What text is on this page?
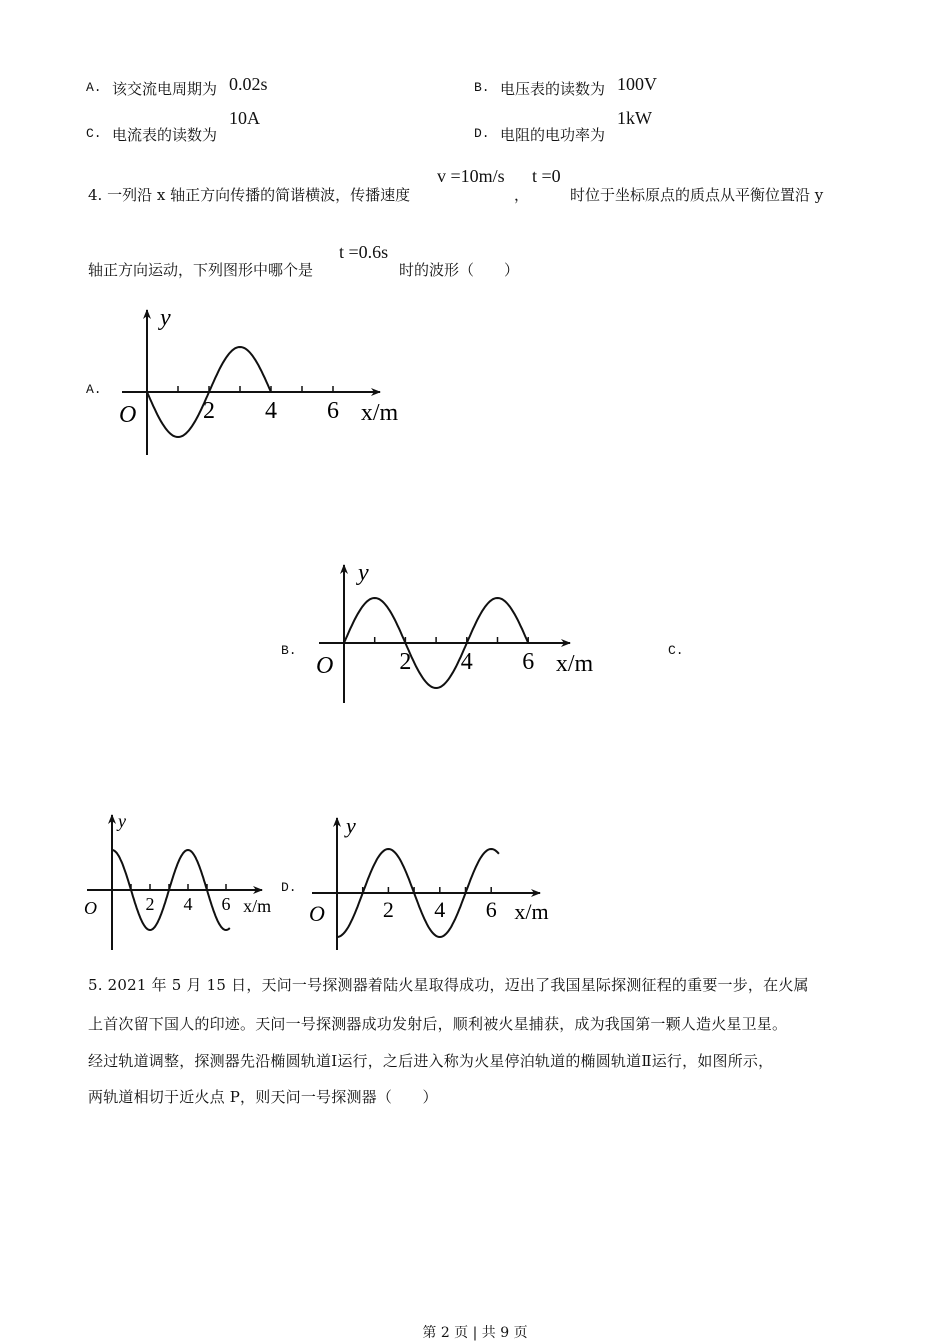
A. 该交流电周期为 0.02s	B. 电压表的读数为 100V
C. 电流表的读数为
10A
D. 电阻的电功率为
1kW
4. 一列沿 x 轴正方向传播的简谐横波，传播速度
v =10m/s
，
t =0
时位于坐标原点的质点从平衡位置沿 y
轴正方向运动，下列图形中哪个是
t =0.6s
时的波形（　　）
A.
B.	C.
D.
y
O	2 4 6 x/m
y
O	2 4 6 x/m
y
O	2 4 6 x/m
y
O	2 4 6 x/m
5. 2021 年 5 月 15 日，天问一号探测器着陆火星取得成功，迈出了我国星际探测征程的重要一步，在火属
上首次留下国人的印迹。天问一号探测器成功发射后，顺利被火星捕获，成为我国第一颗人造火星卫星。
经过轨道调整，探测器先沿椭圆轨道Ⅰ运行，之后进入称为火星停泊轨道的椭圆轨道Ⅱ运行，如图所示，
两轨道相切于近火点 P，则天问一号探测器（　　）
第 2 页 | 共 9 页
